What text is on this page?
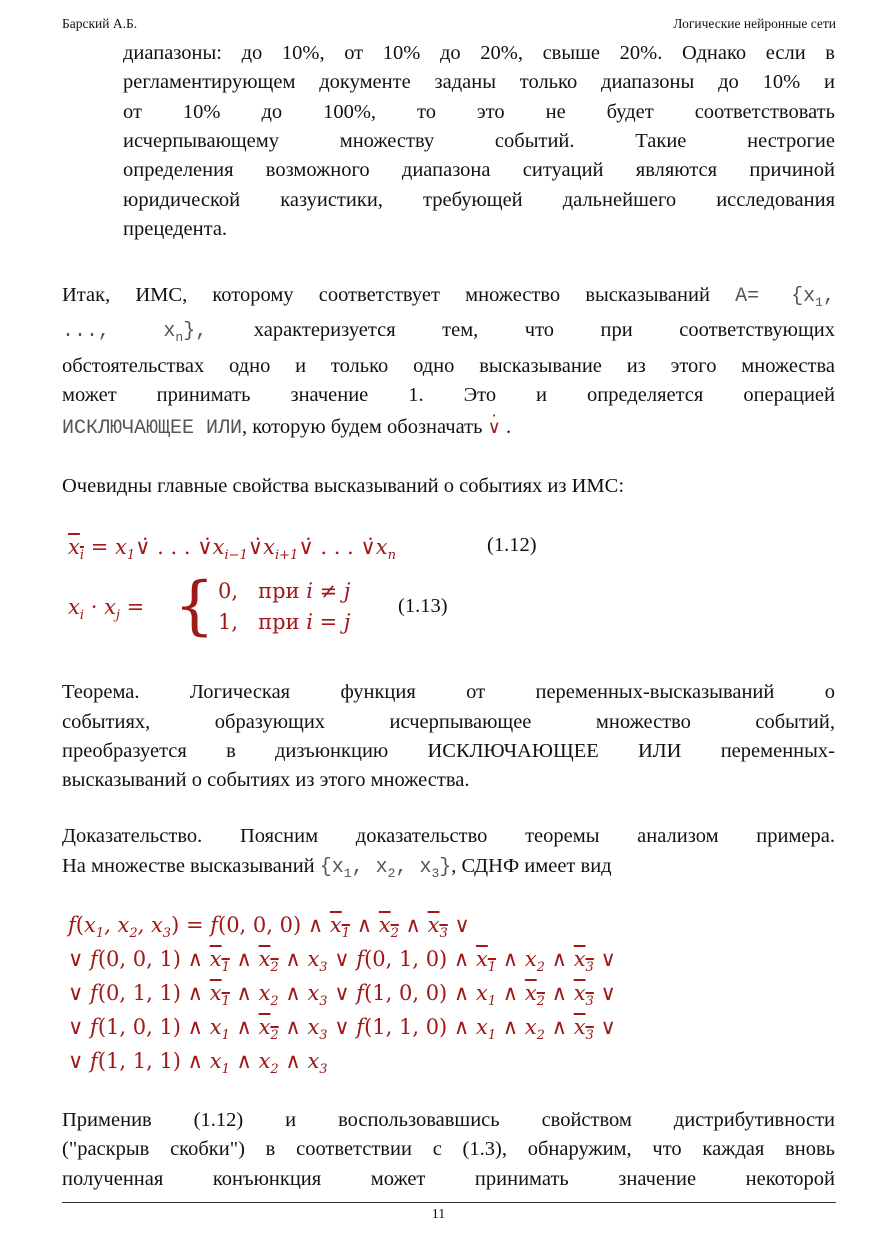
Барский А.Б.	Логические нейронные сети

диапазоны: до 10%, от 10% до 20%, свыше 20%. Однако если в

регламентирующем документе заданы только диапазоны до 10% и

от 10% до 100%, то это не будет соответствовать

исчерпывающему множеству событий. Такие нестрогие

определения возможного диапазона ситуаций являются причиной

юридической казуистики, требующей дальнейшего исследования

прецедента.

Итак, ИМС, которому соответствует множество высказываний $A= \{x_1$,

..., $x_n$}, характеризуется тем, что при соответствующих

обстоятельствах одно и только одно высказывание из этого множества

может принимать значение 1. Это и определяется операцией

ИСКЛЮЧАЮЩЕЕ ИЛИ, которую будем обозначать · ∨ .

Очевидны главные свойства высказываний о событиях из ИМС:

$x_i$ = $x_1\veė$ . . . $\veėx_{i-1}\veėx_{i+1}\veė$ . . . $\veėx_n$	(1.12)
$x_i \cdot x_j$ = { 0, при i ≠ j
1, при i = j
(1.13)

Теорема. Логическая функция от переменных-высказываний о

событиях, образующих исчерпывающее множество событий,

преобразуется в дизъюнкцию ИСКЛЮЧАЮЩЕЕ ИЛИ переменных-

высказываний о событиях из этого множества.

Доказательство. Поясним доказательство теоремы анализом примера.

На множестве высказываний {$x_1$, $x_2$, $x_3$}, СДНФ имеет вид

$f(x_1$, $x_2$, $x_3) = f(0$, 0, 0) ∧ $x_1$ ∧ $x_2$ ∧ $x_3$ ∨
∨ f(0, 0, 1) ∧ $x_1$ ∧ $x_2$ ∧ $x_3$ ∨ f(0, 1, 0) ∧ $x_1$ ∧ $x_2$ ∧ $x_3$ ∨
∨ f(0, 1, 1) ∧ $x_1$ ∧ $x_2$ ∧ $x_3$ ∨ f(1, 0, 0) ∧ $x_1$ ∧ $x_2$ ∧ $x_3$ ∨
∨ f(1, 0, 1) ∧ $x_1$ ∧ $x_2$ ∧ $x_3$ ∨ f(1, 1, 0) ∧ $x_1$ ∧ $x_2$ ∧ $x_3$ ∨
∨ f(1, 1, 1) ∧ $x_1$ ∧ $x_2$ ∧ $x_3$

Применив (1.12) и воспользовавшись свойством дистрибутивности

("раскрыв скобки") в соответствии с (1.3), обнаружим, что каждая вновь

полученная конъюнкция может принимать значение некоторой

11
